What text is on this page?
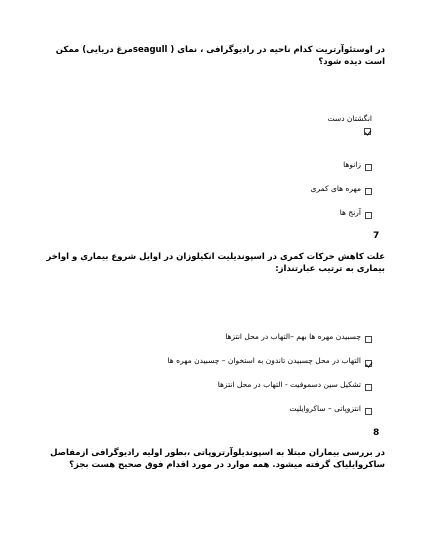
در اوستئوآرتریت کدام ناحیه در رادیوگرافی ، نمای ( seagullمرغ دریایی) ممکن است دیده شود؟
انگشتان دست
زانوها
مهره های کمری
آرنج ها
7
علت کاهش حرکات کمری در اسپوندیلیت انکیلوزان در اوایل شروع بیماری و اواخر بیماری به ترتیب عبارتنداز:
چسبیدن مهره ها بهم –التهاب در محل انتزها
التهاب در محل چسبیدن تاندون به استخوان – چسبیدن مهره ها
تشکیل سین دسموفیت - التهاب در محل انتزها
انتزوپاتی – ساکروایلیت
8
در بررسی بیماران مبتلا به اسپوندیلوآرتروپاتی ،بطور اولیه رادیوگرافی ازمفاصل ساکروایلیاک گرفته میشود. همه موارد در مورد اقدام فوق صحیح هست بجز؟
